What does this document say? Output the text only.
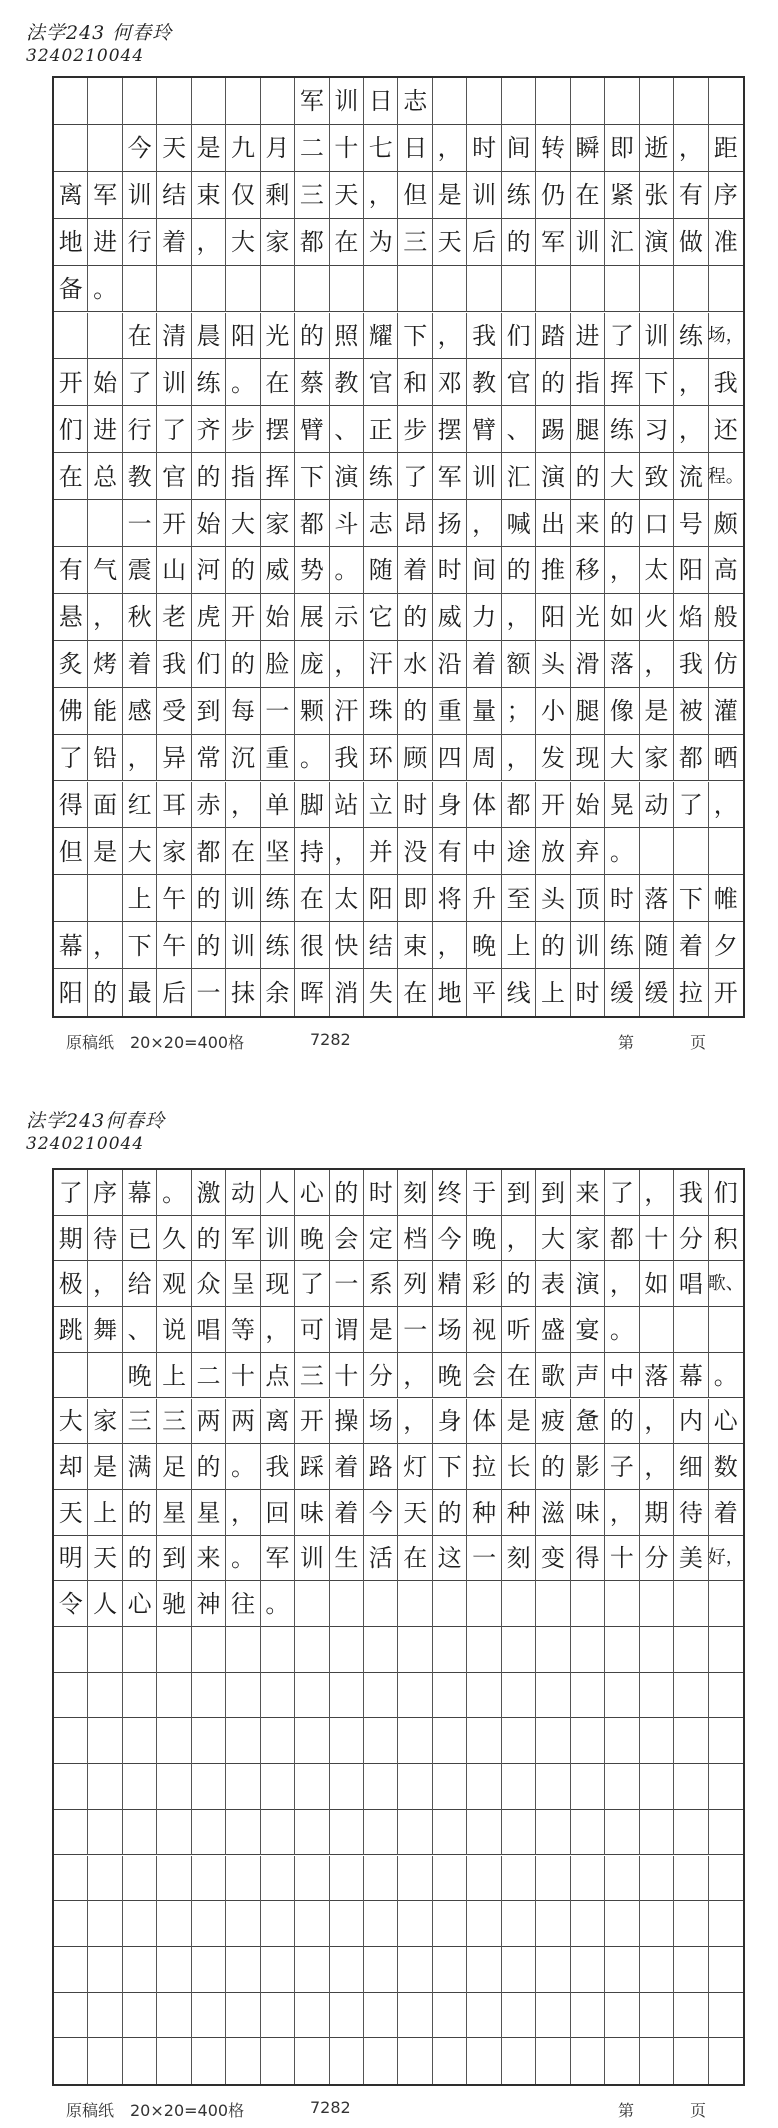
法学243 何春玲
3240210044
军 训 日 志
今 天 是 九 月 二 十 七 日 ， 时 间 转 瞬 即 逝 ， 距
离 军 训 结 束 仅 剩 三 天 ， 但 是 训 练 仍 在 紧 张 有 序
地 进 行 着 ， 大 家 都 在 为 三 天 后 的 军 训 汇 演 做 准
备 。
在 清 晨 阳 光 的 照 耀 下 ， 我 们 踏 进 了 训 练 场，
开 始 了 训 练 。 在 蔡 教 官 和 邓 教 官 的 指 挥 下 ， 我
们 进 行 了 齐 步 摆 臂 、 正 步 摆 臂 、 踢 腿 练 习 ， 还
在 总 教 官 的 指 挥 下 演 练 了 军 训 汇 演 的 大 致 流 程。
一 开 始 大 家 都 斗 志 昂 扬 ， 喊 出 来 的 口 号 颇
有 气 震 山 河 的 威 势 。 随 着 时 间 的 推 移 ， 太 阳 高
悬 ， 秋 老 虎 开 始 展 示 它 的 威 力 ， 阳 光 如 火 焰 般
炙 烤 着 我 们 的 脸 庞 ， 汗 水 沿 着 额 头 滑 落 ， 我 仿
佛 能 感 受 到 每 一 颗 汗 珠 的 重 量 ； 小 腿 像 是 被 灌
了 铅 ， 异 常 沉 重 。 我 环 顾 四 周 ， 发 现 大 家 都 晒
得 面 红 耳 赤 ， 单 脚 站 立 时 身 体 都 开 始 晃 动 了 ，
但 是 大 家 都 在 坚 持 ， 并 没 有 中 途 放 弃 。
上 午 的 训 练 在 太 阳 即 将 升 至 头 顶 时 落 下 帷
幕 ， 下 午 的 训 练 很 快 结 束 ， 晚 上 的 训 练 随 着 夕
阳 的 最 后 一 抹 余 晖 消 失 在 地 平 线 上 时 缓 缓 拉 开
原稿纸 20×20=400格	7282	第	页
法学243何春玲
3240210044
了 序 幕 。 激 动 人 心 的 时 刻 终 于 到 到 来 了 ， 我 们
期 待 已 久 的 军 训 晚 会 定 档 今 晚 ， 大 家 都 十 分 积
极 ， 给 观 众 呈 现 了 一 系 列 精 彩 的 表 演 ， 如 唱 歌、
跳 舞 、 说 唱 等 ， 可 谓 是 一 场 视 听 盛 宴 。
晚 上 二 十 点 三 十 分 ， 晚 会 在 歌 声 中 落 幕 。
大 家 三 三 两 两 离 开 操 场 ， 身 体 是 疲 惫 的 ， 内 心
却 是 满 足 的 。 我 踩 着 路 灯 下 拉 长 的 影 子 ， 细 数
天 上 的 星 星 ， 回 味 着 今 天 的 种 种 滋 味 ， 期 待 着
明 天 的 到 来 。 军 训 生 活 在 这 一 刻 变 得 十 分 美 好，
令 人 心 驰 神 往 。
原稿纸 20×20=400格	7282	第	页
